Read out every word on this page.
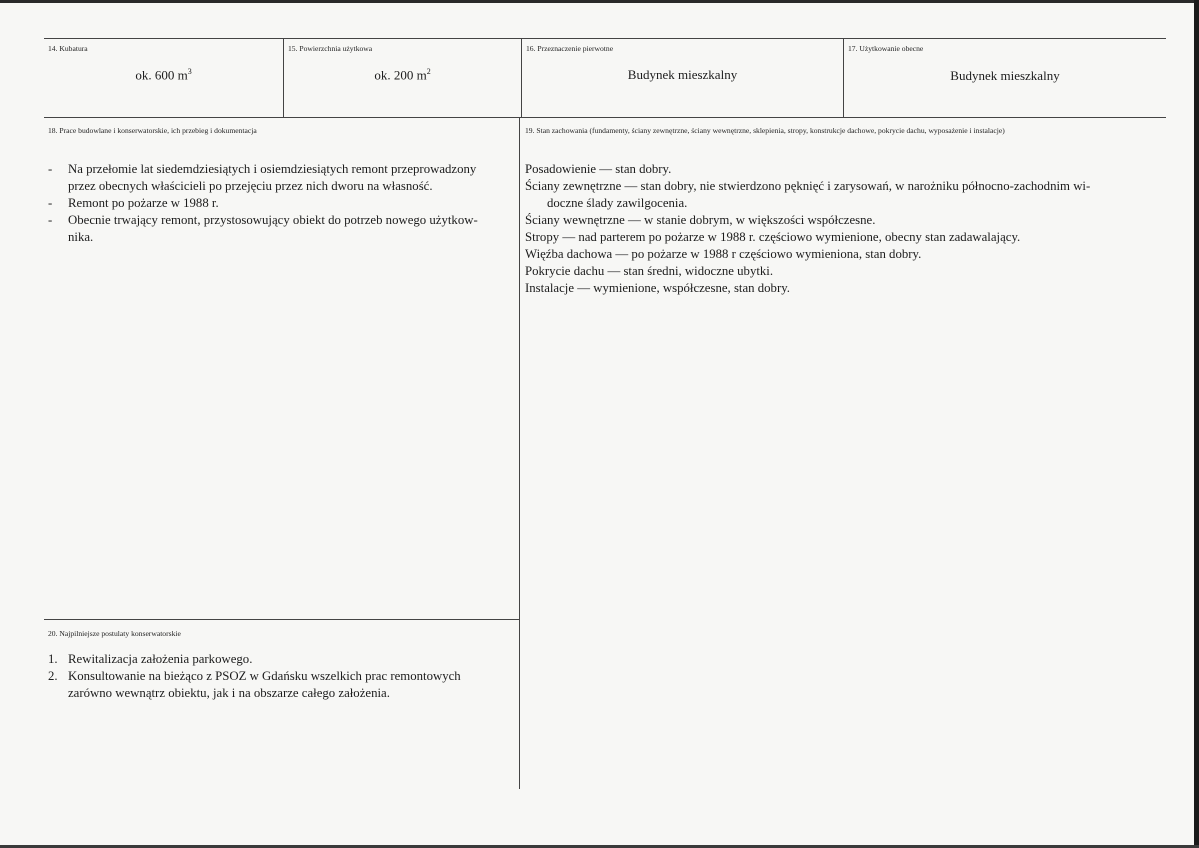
14. Kubatura
ok. 600 $m^3$
15. Powierzchnia użytkowa
ok. 200 $m^2$
16. Przeznaczenie pierwotne
Budynek mieszkalny
17. Użytkowanie obecne
Budynek mieszkalny
18. Prace budowlane i konserwatorskie, ich przebieg i dokumentacja
-	Na przełomie lat siedemdziesiątych i osiemdziesiątych remont przeprowadzony
przez obecnych właścicieli po przejęciu przez nich dworu na własność.
-	Remont po pożarze w 1988 r.
-	Obecnie trwający remont, przystosowujący obiekt do potrzeb nowego użytkow-
nika.
19. Stan zachowania (fundamenty, ściany zewnętrzne, ściany wewnętrzne, sklepienia, stropy, konstrukcje dachowe, pokrycie dachu, wyposażenie i instalacje)
Posadowienie — stan dobry.
Ściany zewnętrzne — stan dobry, nie stwierdzono pęknięć i zarysowań, w narożniku północno-zachodnim wi-
doczne ślady zawilgocenia.
Ściany wewnętrzne — w stanie dobrym, w większości współczesne.
Stropy — nad parterem po pożarze w 1988 r. częściowo wymienione, obecny stan zadawalający.
Więźba dachowa — po pożarze w 1988 r częściowo wymieniona, stan dobry.
Pokrycie dachu — stan średni, widoczne ubytki.
Instalacje — wymienione, współczesne, stan dobry.
20. Najpilniejsze postulaty konserwatorskie
1. Rewitalizacja założenia parkowego.
2. Konsultowanie na bieżąco z PSOZ w Gdańsku wszelkich prac remontowych
zarówno wewnątrz obiektu, jak i na obszarze całego założenia.
